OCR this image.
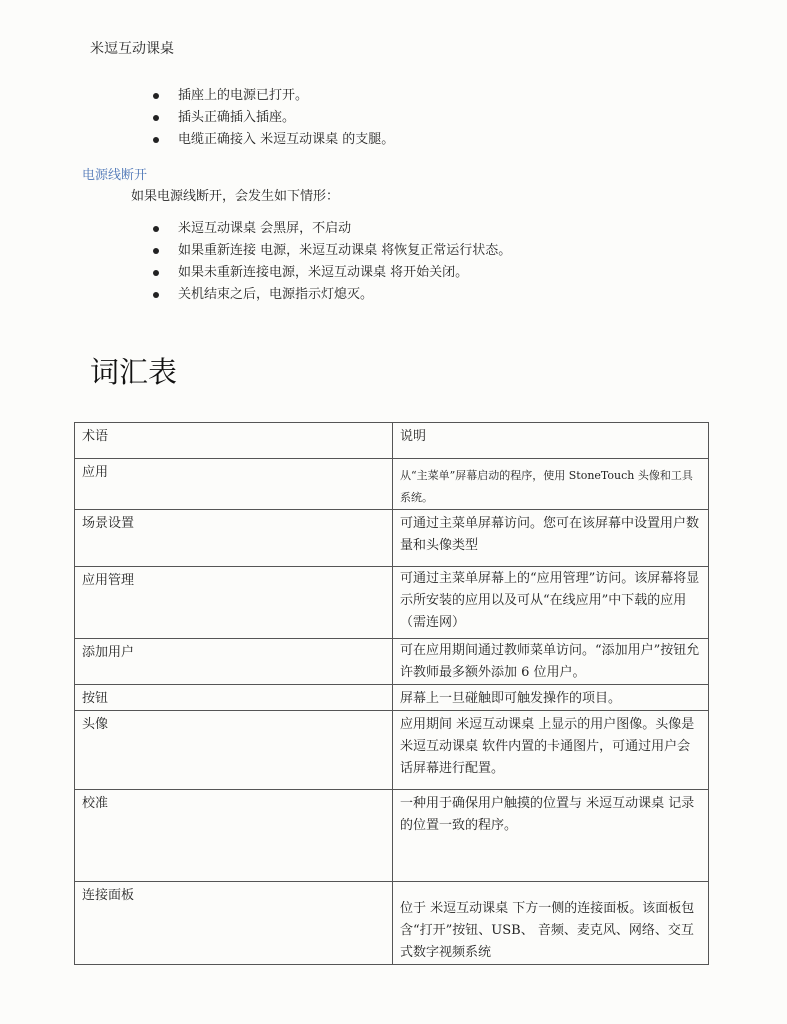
米逗互动课桌
插座上的电源已打开。
插头正确插入插座。
电缆正确接入 米逗互动课桌 的支腿。
电源线断开
如果电源线断开，会发生如下情形：
米逗互动课桌 会黑屏，不启动
如果重新连接 电源，米逗互动课桌 将恢复正常运行状态。
如果未重新连接电源，米逗互动课桌 将开始关闭。
关机结束之后，电源指示灯熄灭。
词汇表
术语	说明
应用	从“主菜单”屏幕启动的程序，使用 StoneTouch 头像和工具系统。
场景设置	可通过主菜单屏幕访问。您可在该屏幕中设置用户数量和头像类型
应用管理	可通过主菜单屏幕上的“应用管理”访问。该屏幕将显示所安装的应用以及可从“在线应用”中下载的应用（需连网）
添加用户	可在应用期间通过教师菜单访问。“添加用户”按钮允许教师最多额外添加 6 位用户。
按钮	屏幕上一旦碰触即可触发操作的项目。
头像	应用期间 米逗互动课桌 上显示的用户图像。头像是 米逗互动课桌 软件内置的卡通图片，可通过用户会话屏幕进行配置。
校准	一种用于确保用户触摸的位置与 米逗互动课桌 记录的位置一致的程序。
连接面板	位于 米逗互动课桌 下方一侧的连接面板。该面板包含“打开”按钮、USB、 音频、麦克风、网络、交互式数字视频系统
